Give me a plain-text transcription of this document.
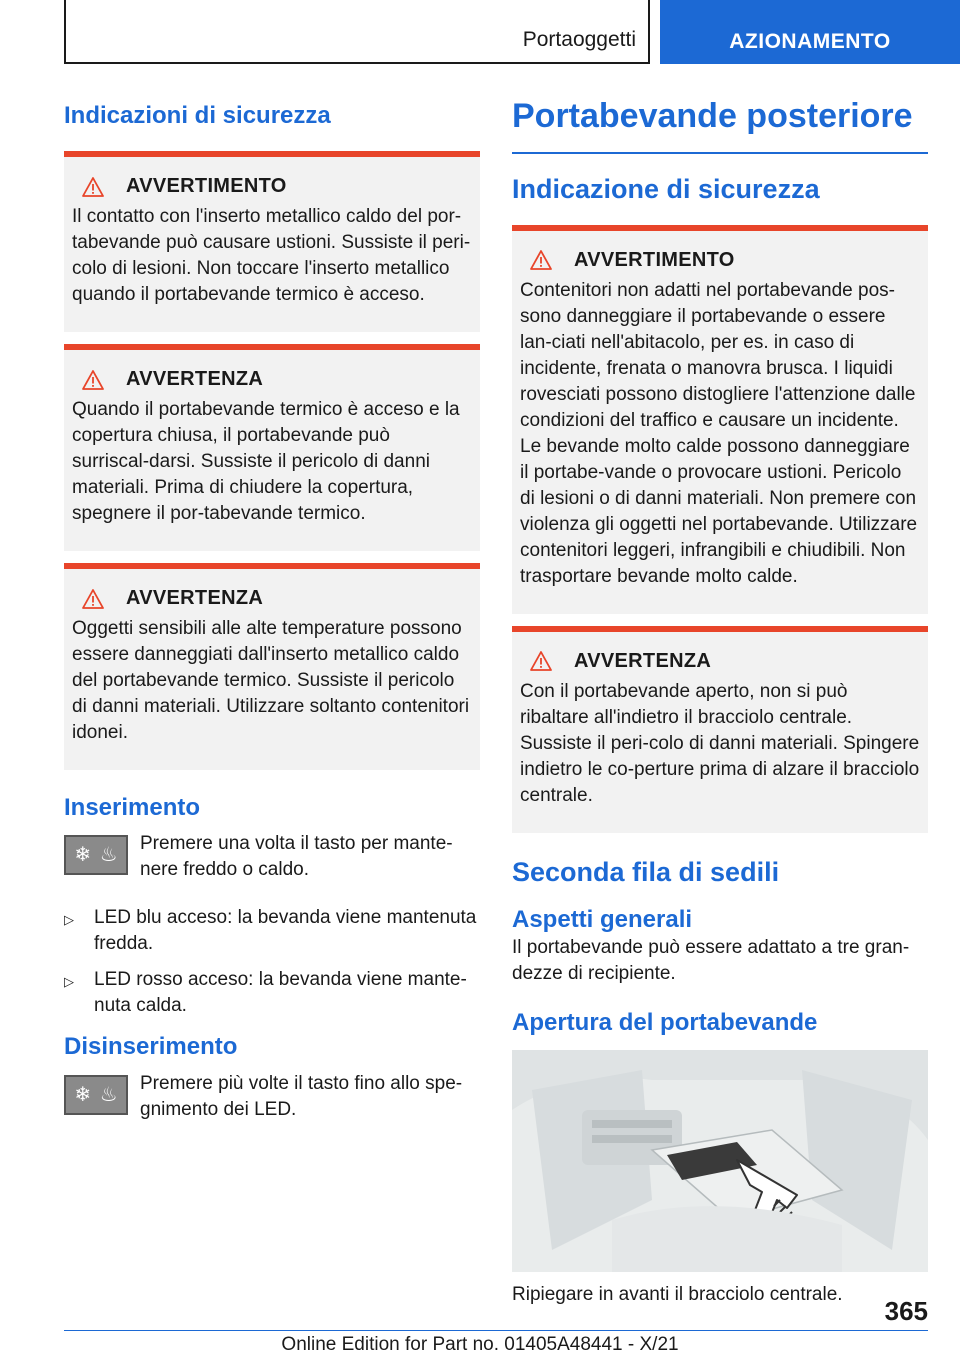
Portaoggetti	AZIONAMENTO
Indicazioni di sicurezza
AVVERTIMENTO

Il contatto con l'inserto metallico caldo del por-tabevande può causare ustioni. Sussiste il peri-colo di lesioni. Non toccare l'inserto metallico quando il portabevande termico è acceso.

AVVERTENZA

Quando il portabevande termico è acceso e la copertura chiusa, il portabevande può surriscal-darsi. Sussiste il pericolo di danni materiali. Prima di chiudere la copertura, spegnere il por-tabevande termico.

AVVERTENZA

Oggetti sensibili alle alte temperature possono essere danneggiati dall'inserto metallico caldo del portabevande termico. Sussiste il pericolo di danni materiali. Utilizzare soltanto contenitori idonei.

Inserimento
❄ ♨

Premere una volta il tasto per mante-nere freddo o caldo.

▷	LED blu acceso: la bevanda viene mantenuta fredda.
▷	LED rosso acceso: la bevanda viene mante-nuta calda.
Disinserimento
❄ ♨

Premere più volte il tasto fino allo spe-gnimento dei LED.

Portabevande posteriore
Indicazione di sicurezza
AVVERTIMENTO

Contenitori non adatti nel portabevande pos-sono danneggiare il portabevande o essere lan-ciati nell'abitacolo, per es. in caso di incidente, frenata o manovra brusca. I liquidi rovesciati possono distogliere l'attenzione dalle condizioni del traffico e causare un incidente. Le bevande molto calde possono danneggiare il portabe-vande o provocare ustioni. Pericolo di lesioni o di danni materiali. Non premere con violenza gli oggetti nel portabevande. Utilizzare contenitori leggeri, infrangibili e chiudibili. Non trasportare bevande molto calde.

AVVERTENZA

Con il portabevande aperto, non si può ribaltare all'indietro il bracciolo centrale. Sussiste il peri-colo di danni materiali. Spingere indietro le co-perture prima di alzare il bracciolo centrale.

Seconda fila di sedili
Aspetti generali

Il portabevande può essere adattato a tre gran-dezze di recipiente.

Apertura del portabevande

Ripiegare in avanti il bracciolo centrale.

365
Online Edition for Part no. 01405A48441 - X/21
